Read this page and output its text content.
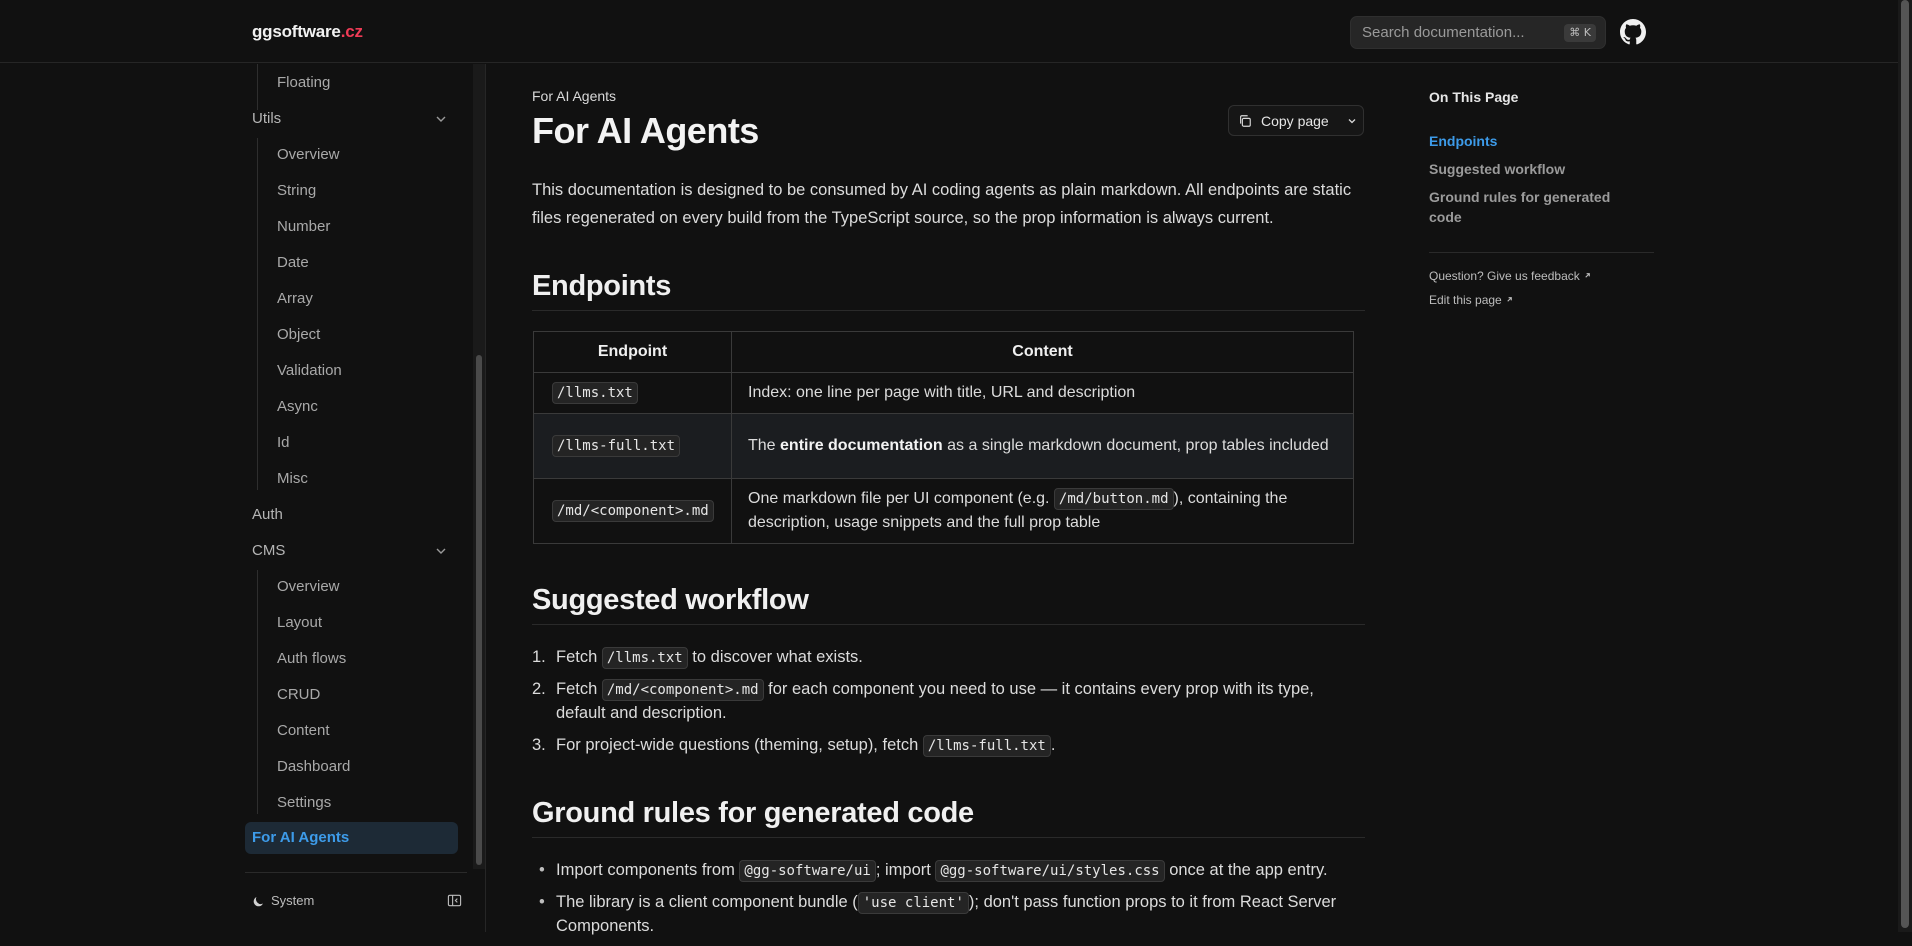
ggsoftware.cz
Search documentation...	⌘ K
Floating
Utils
Overview
String
Number
Date
Array
Object
Validation
Async
Id
Misc
Auth
CMS
Overview
Layout
Auth flows
CRUD
Content
Dashboard
Settings
For AI Agents
System
For AI Agents
For AI Agents	Copy page

This documentation is designed to be consumed by AI coding agents as plain markdown. All endpoints are static files regenerated on every build from the TypeScript source, so the prop information is always current.

Endpoints
Endpoint	Content
/llms.txt	Index: one line per page with title, URL and description
/llms-full.txt	The entire documentation as a single markdown document, prop tables included
/md/<component>.md	One markdown file per UI component (e.g. /md/button.md ), containing the description, usage snippets and the full prop table
Suggested workflow
1. Fetch /llms.txt to discover what exists.
2. Fetch /md/<component>.md for each component you need to use — it contains every prop with its type, default and description.
3. For project-wide questions (theming, setup), fetch /llms-full.txt .
Ground rules for generated code
• Import components from @gg-software/ui ; import @gg-software/ui/styles.css once at the app entry.
• The library is a client component bundle ( 'use client' ); don't pass function props to it from React Server Components.
On This Page
Endpoints
Suggested workflow
Ground rules for generated code
Question? Give us feedback
Edit this page
